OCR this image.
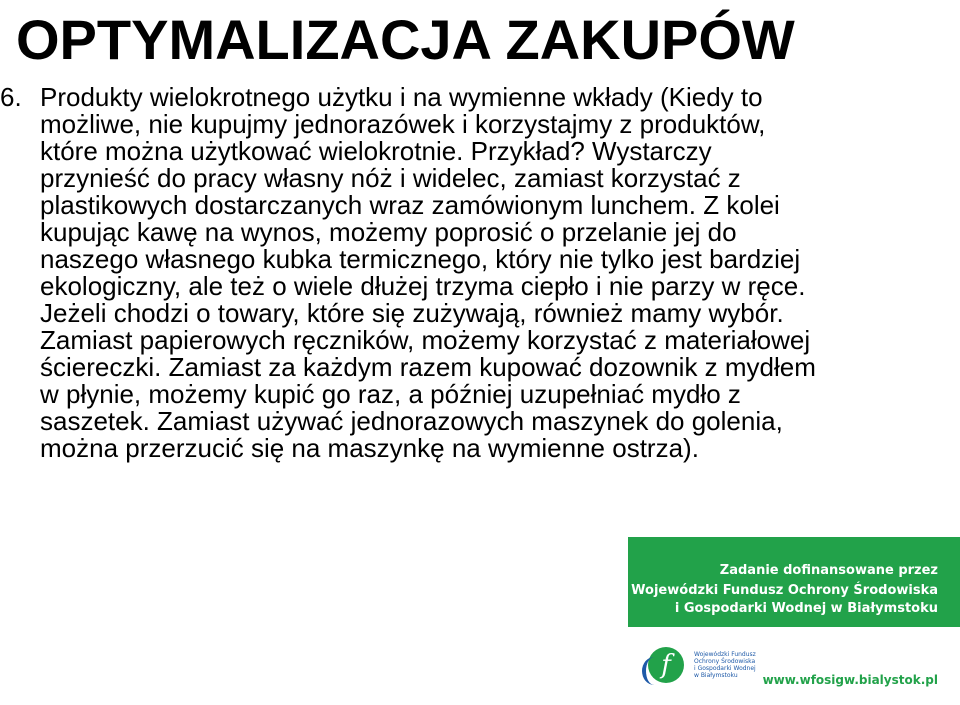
OPTYMALIZACJA ZAKUPÓW
6. Produkty wielokrotnego użytku i na wymienne wkłady (Kiedy to
możliwe, nie kupujmy jednorazówek i korzystajmy z produktów,
które można użytkować wielokrotnie. Przykład? Wystarczy
przynieść do pracy własny nóż i widelec, zamiast korzystać z
plastikowych dostarczanych wraz zamówionym lunchem. Z kolei
kupując kawę na wynos, możemy poprosić o przelanie jej do
naszego własnego kubka termicznego, który nie tylko jest bardziej
ekologiczny, ale też o wiele dłużej trzyma ciepło i nie parzy w ręce.
Jeżeli chodzi o towary, które się zużywają, również mamy wybór.
Zamiast papierowych ręczników, możemy korzystać z materiałowej
ściereczki. Zamiast za każdym razem kupować dozownik z mydłem
w płynie, możemy kupić go raz, a później uzupełniać mydło z
saszetek. Zamiast używać jednorazowych maszynek do golenia,
można przerzucić się na maszynkę na wymienne ostrza).
Zadanie dofinansowane przez
Wojewódzki Fundusz Ochrony Środowiska
i Gospodarki Wodnej w Białymstoku
f	Wojewódzki Fundusz
Ochrony Środowiska
i Gospodarki Wodnej
w Białymstoku	www.wfosigw.bialystok.pl
